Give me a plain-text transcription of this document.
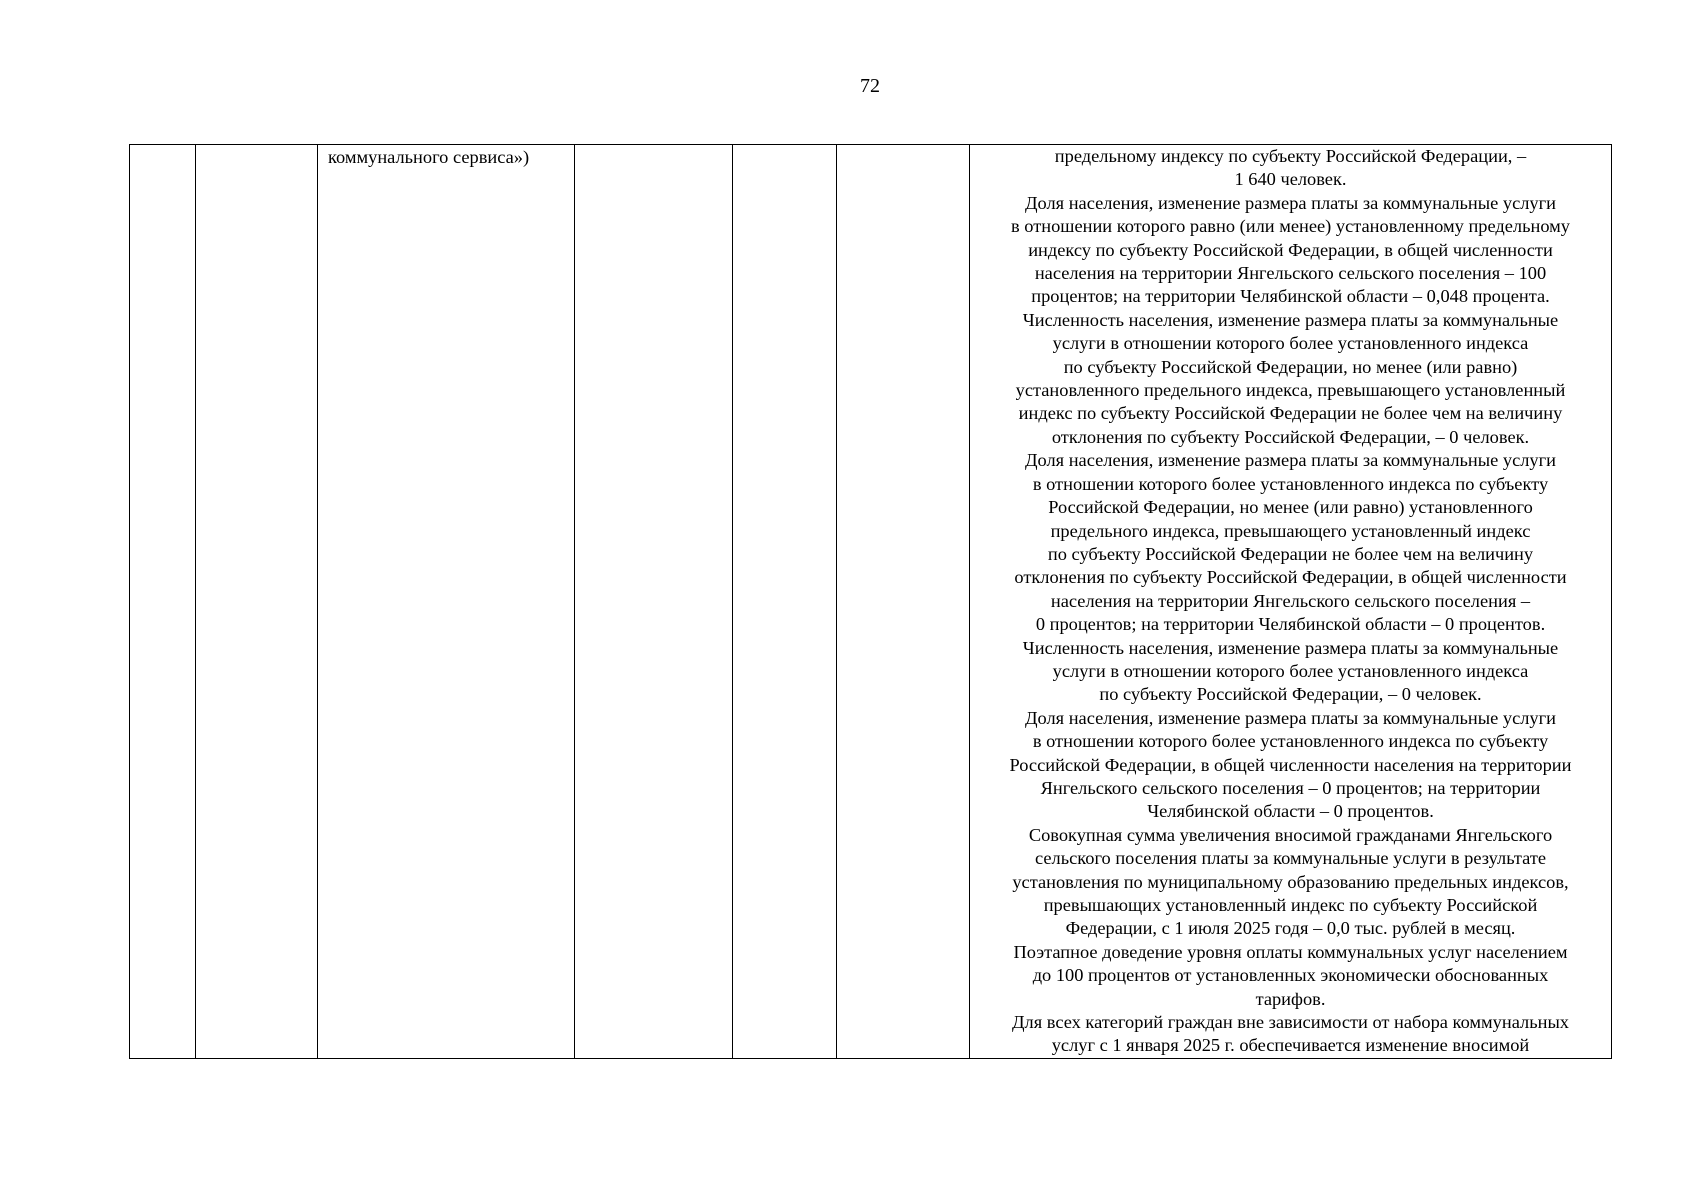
72
		коммунального сервиса»)				предельному индексу по субъекту Российской Федерации, –
1 640 человек.
Доля населения, изменение размера платы за коммунальные услуги
в отношении которого равно (или менее) установленному предельному
индексу по субъекту Российской Федерации, в общей численности
населения на территории Янгельского сельского поселения – 100
процентов; на территории Челябинской области – 0,048 процента.
Численность населения, изменение размера платы за коммунальные
услуги в отношении которого более установленного индекса
по субъекту Российской Федерации, но менее (или равно)
установленного предельного индекса, превышающего установленный
индекс по субъекту Российской Федерации не более чем на величину
отклонения по субъекту Российской Федерации, – 0 человек.
Доля населения, изменение размера платы за коммунальные услуги
в отношении которого более установленного индекса по субъекту
Российской Федерации, но менее (или равно) установленного
предельного индекса, превышающего установленный индекс
по субъекту Российской Федерации не более чем на величину
отклонения по субъекту Российской Федерации, в общей численности
населения на территории Янгельского сельского поселения –
0 процентов; на территории Челябинской области – 0 процентов.
Численность населения, изменение размера платы за коммунальные
услуги в отношении которого более установленного индекса
по субъекту Российской Федерации, – 0 человек.
Доля населения, изменение размера платы за коммунальные услуги
в отношении которого более установленного индекса по субъекту
Российской Федерации, в общей численности населения на территории
Янгельского сельского поселения – 0 процентов; на территории
Челябинской области – 0 процентов.
Совокупная сумма увеличения вносимой гражданами Янгельского
сельского поселения платы за коммунальные услуги в результате
установления по муниципальному образованию предельных индексов,
превышающих установленный индекс по субъекту Российской
Федерации, с 1 июля 2025 годя – 0,0 тыс. рублей в месяц.
Поэтапное доведение уровня оплаты коммунальных услуг населением
до 100 процентов от установленных экономически обоснованных
тарифов.
Для всех категорий граждан вне зависимости от набора коммунальных
услуг с 1 января 2025 г. обеспечивается изменение вносимой
